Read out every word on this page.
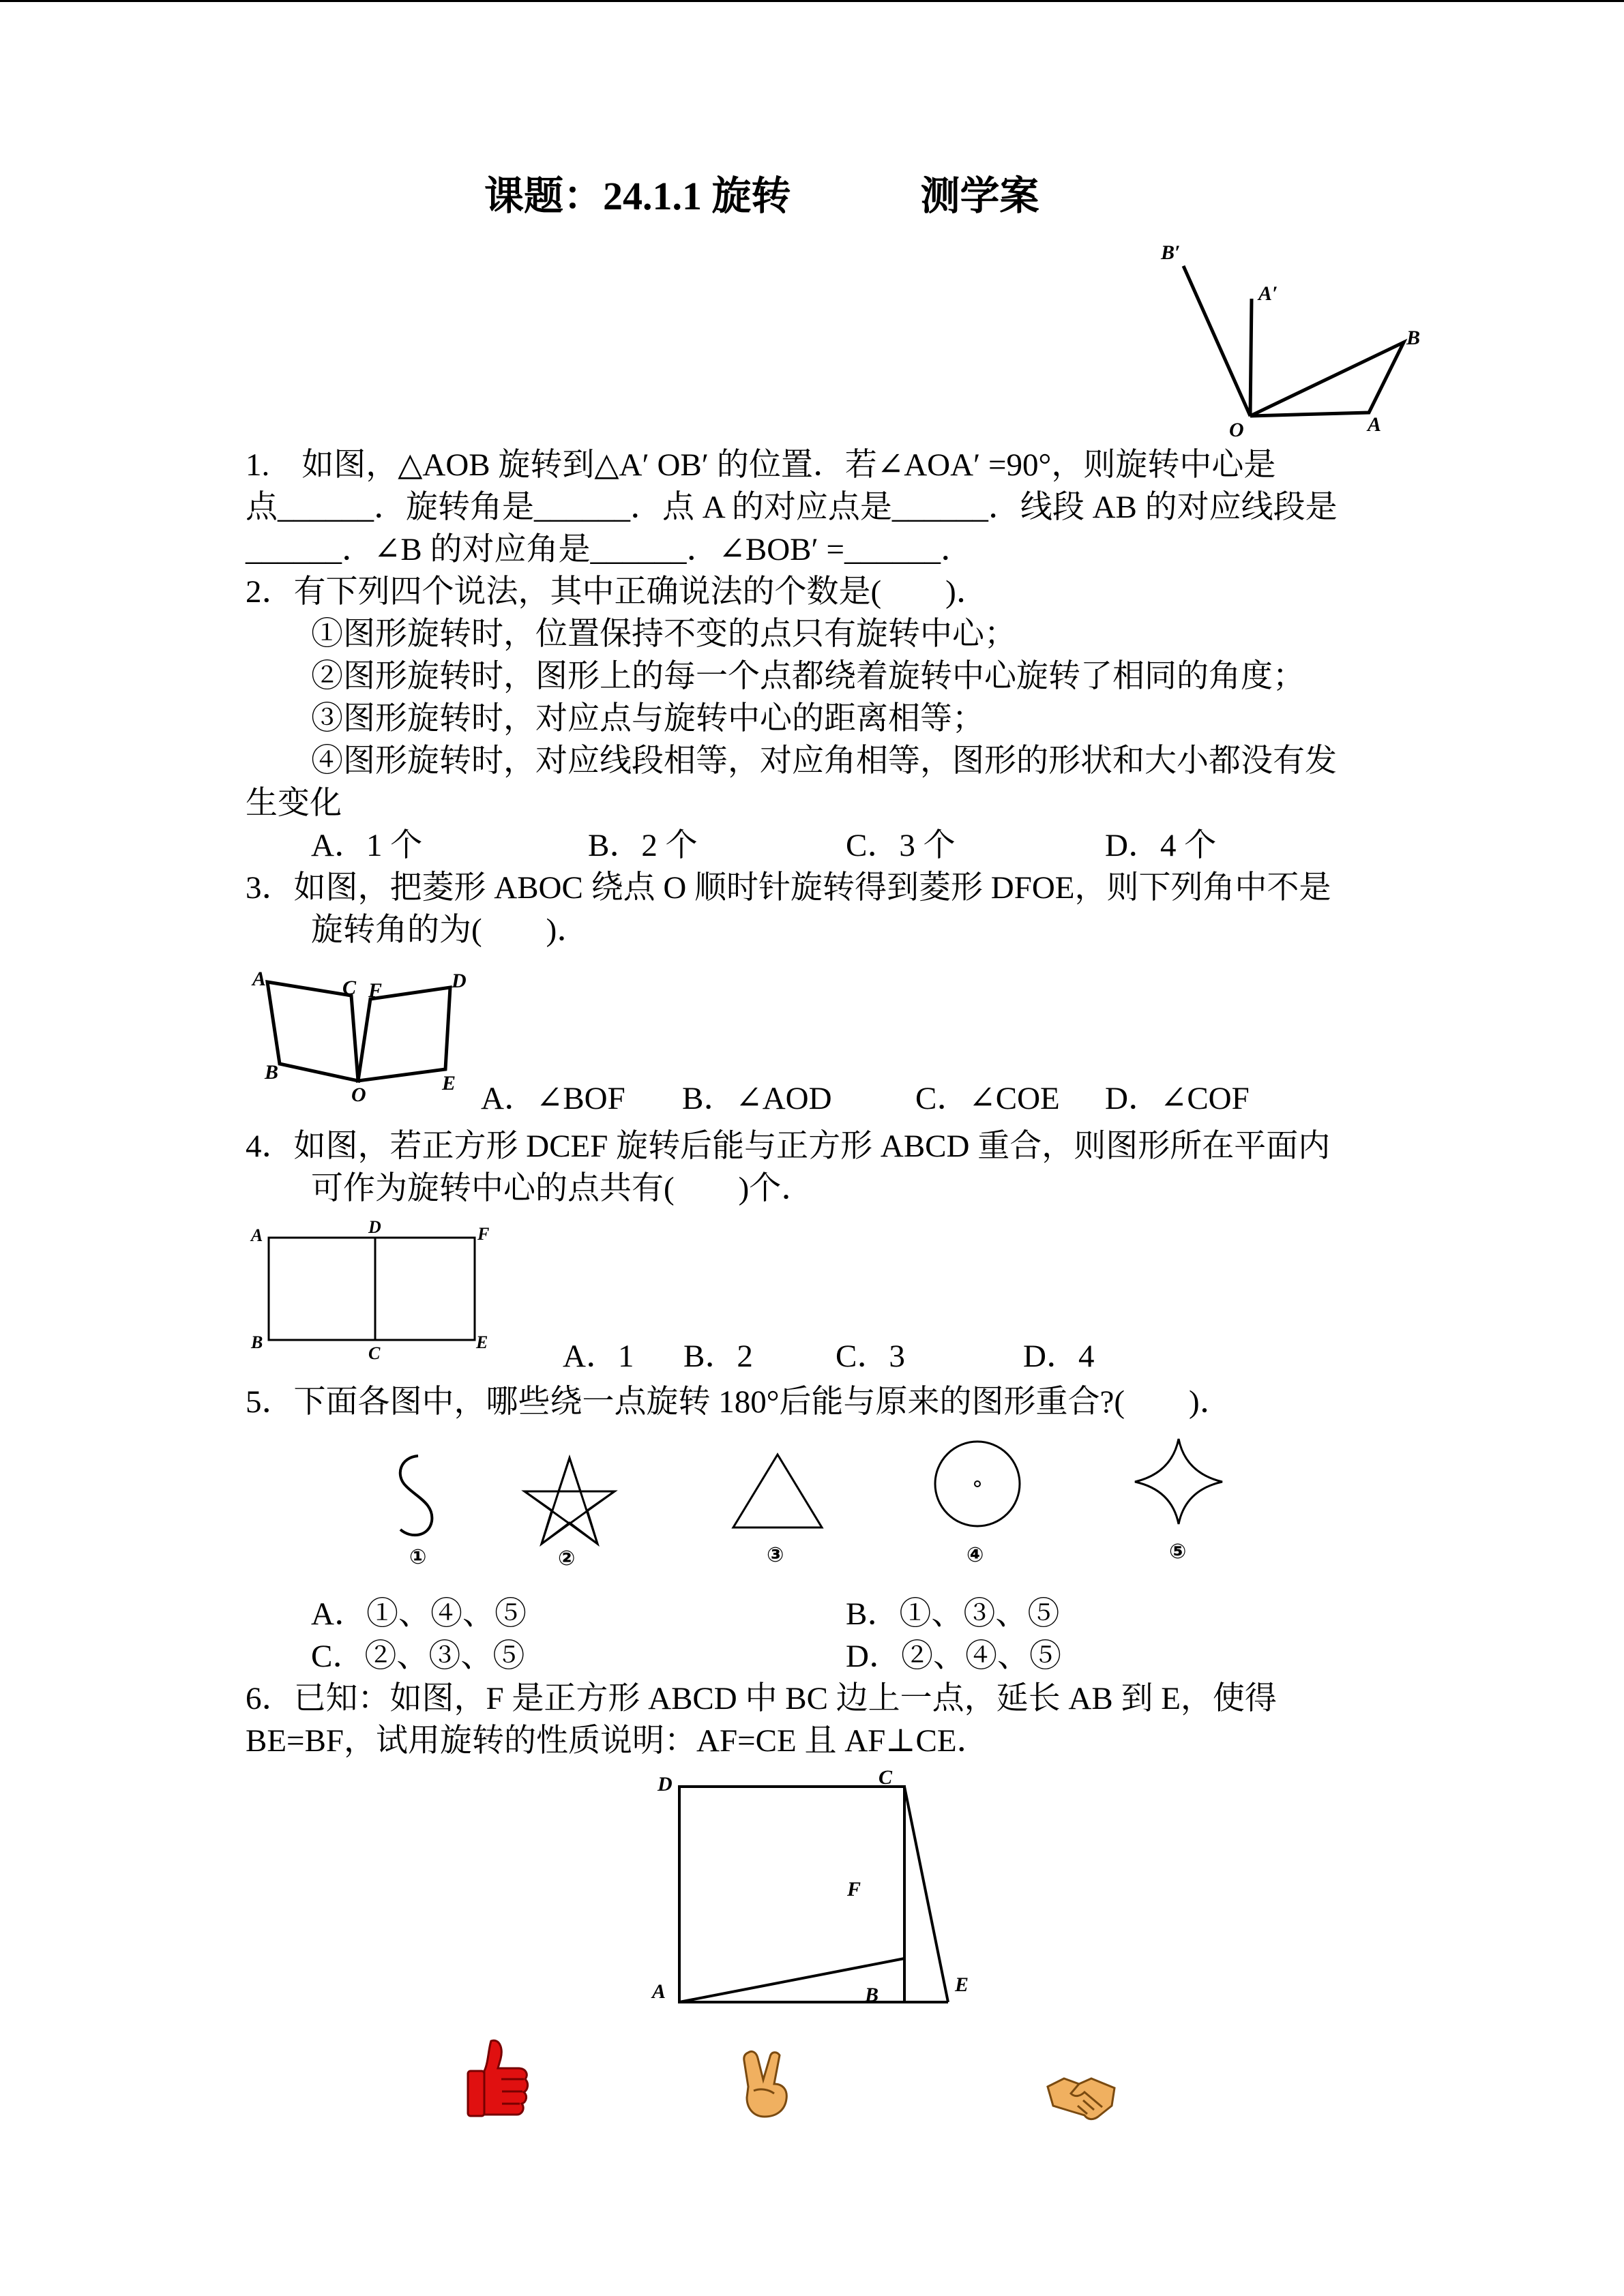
课题：24.1.1 旋转	测学案
B′
A′
B
O	A
1.　如图，△AOB 旋转到△A′ OB′ 的位置．若∠AOA′ =90°，则旋转中心是
点______．旋转角是______．点 A 的对应点是______．线段 AB 的对应线段是
______．∠B 的对应角是______．∠BOB′ =______．
2．有下列四个说法，其中正确说法的个数是(　　)．
①图形旋转时，位置保持不变的点只有旋转中心；
②图形旋转时，图形上的每一个点都绕着旋转中心旋转了相同的角度；
③图形旋转时，对应点与旋转中心的距离相等；
④图形旋转时，对应线段相等，对应角相等，图形的形状和大小都没有发
生变化
A．1 个	B．2 个	C．3 个	D．4 个
3．如图，把菱形 ABOC 绕点 O 顺时针旋转得到菱形 DFOE，则下列角中不是
旋转角的为(　　)．
A	C F	D
B
O
E A．∠BOF B．∠AOD	C．∠COE D．∠COF
4．如图，若正方形 DCEF 旋转后能与正方形 ABCD 重合，则图形所在平面内
可作为旋转中心的点共有(　　)个．
A	D	F
B
C
E A．1 B．2	C．3	D．4
5．下面各图中，哪些绕一点旋转 180°后能与原来的图形重合?(　　)．
①	②	③	④	⑤
A．①、④、⑤	B．①、③、⑤
C．②、③、⑤	D．②、④、⑤
6．已知：如图，F 是正方形 ABCD 中 BC 边上一点，延长 AB 到 E，使得
BE=BF，试用旋转的性质说明：AF=CE 且 AF⊥CE．
D	C
F
A	B	E
